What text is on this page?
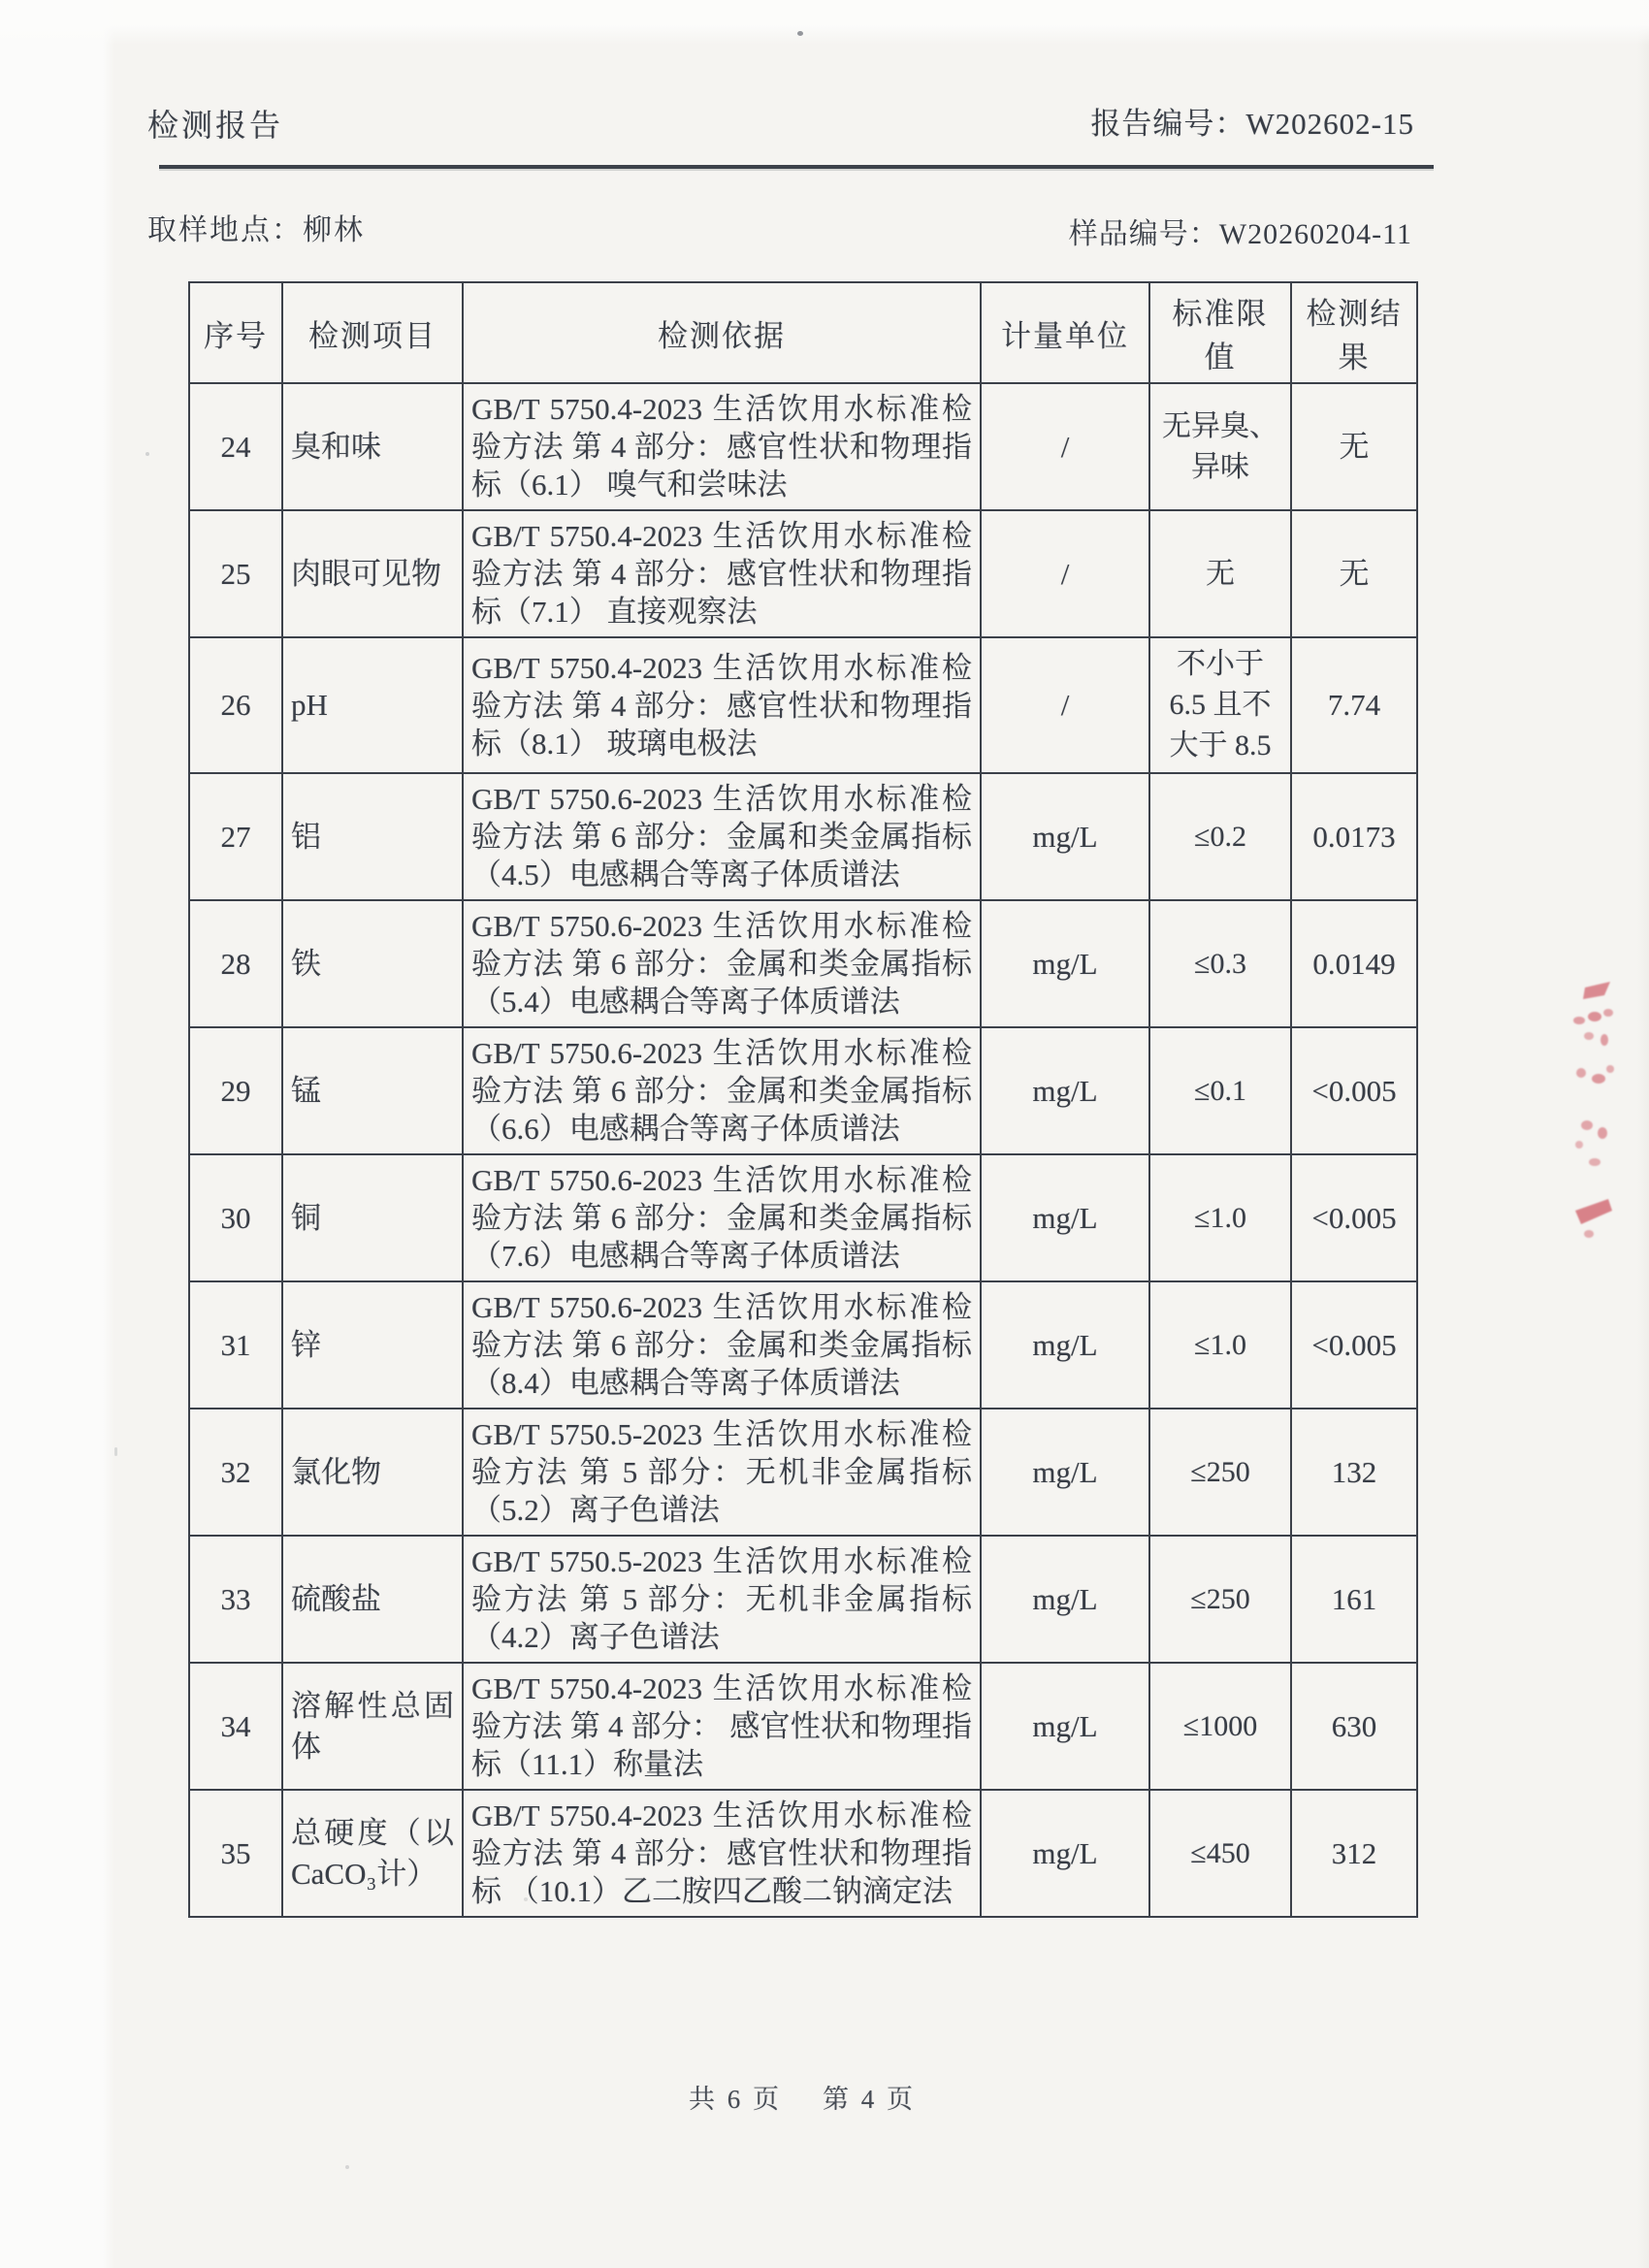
检测报告	报告编号：W202602-15
取样地点：柳林	样品编号：W20260204-11
序号	检测项目	检测依据	计量单位	标准限值	检测结果
24	臭和味	GB/T 5750.4-2023 生活饮用水标准检验方法 第 4 部分：感官性状和物理指标（6.1） 嗅气和尝味法	/	无异臭、异味	无
25	肉眼可见物	GB/T 5750.4-2023 生活饮用水标准检验方法 第 4 部分：感官性状和物理指标（7.1） 直接观察法	/	无	无
26	pH	GB/T 5750.4-2023 生活饮用水标准检验方法 第 4 部分：感官性状和物理指标（8.1） 玻璃电极法	/	不小于 6.5 且不大于 8.5	7.74
27	铝	GB/T 5750.6-2023 生活饮用水标准检验方法 第 6 部分：金属和类金属指标（4.5）电感耦合等离子体质谱法	mg/L	≤0.2	0.0173
28	铁	GB/T 5750.6-2023 生活饮用水标准检验方法 第 6 部分：金属和类金属指标（5.4）电感耦合等离子体质谱法	mg/L	≤0.3	0.0149
29	锰	GB/T 5750.6-2023 生活饮用水标准检验方法 第 6 部分：金属和类金属指标（6.6）电感耦合等离子体质谱法	mg/L	≤0.1	<0.005
30	铜	GB/T 5750.6-2023 生活饮用水标准检验方法 第 6 部分：金属和类金属指标（7.6）电感耦合等离子体质谱法	mg/L	≤1.0	<0.005
31	锌	GB/T 5750.6-2023 生活饮用水标准检验方法 第 6 部分：金属和类金属指标（8.4）电感耦合等离子体质谱法	mg/L	≤1.0	<0.005
32	氯化物	GB/T 5750.5-2023 生活饮用水标准检验方法 第 5 部分：无机非金属指标 （5.2）离子色谱法	mg/L	≤250	132
33	硫酸盐	GB/T 5750.5-2023 生活饮用水标准检验方法 第 5 部分：无机非金属指标 （4.2）离子色谱法	mg/L	≤250	161
34	溶解性总固体	GB/T 5750.4-2023 生活饮用水标准检验方法 第 4 部分： 感官性状和物理指标（11.1）称量法	mg/L	≤1000	630
35	总硬度（以CaCO₃计）	GB/T 5750.4-2023 生活饮用水标准检验方法 第 4 部分：感官性状和物理指标 （10.1）乙二胺四乙酸二钠滴定法	mg/L	≤450	312
共 6 页 第 4 页
